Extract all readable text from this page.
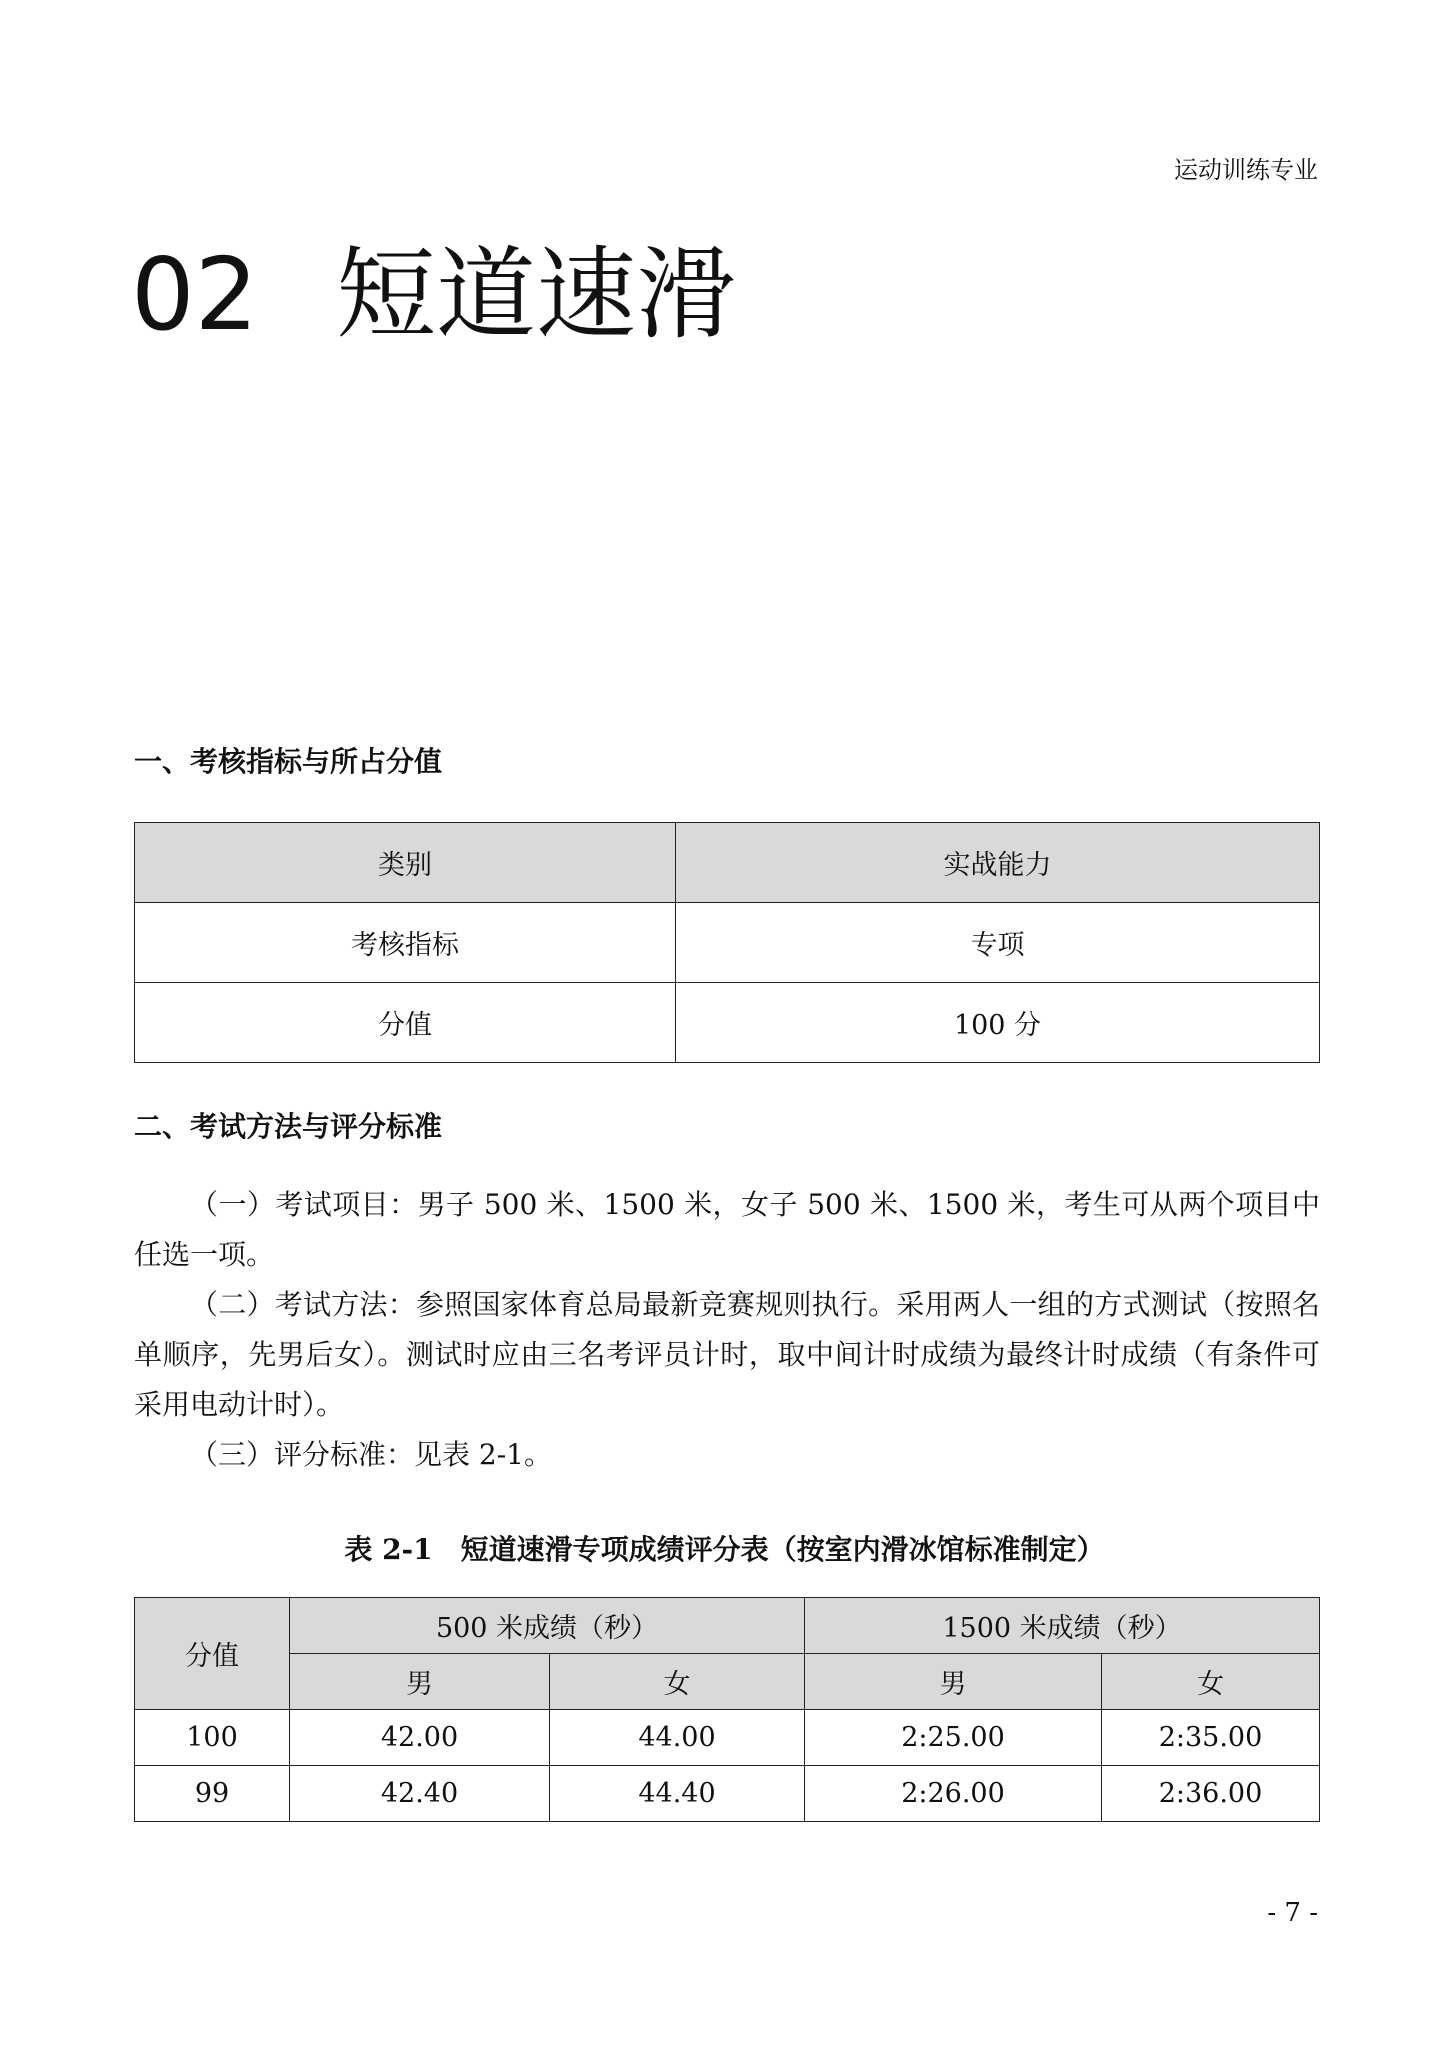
运动训练专业
02 短道速滑
一、考核指标与所占分值
类别	实战能力
考核指标	专项
分值	100 分
二、考试方法与评分标准

（一）考试项目：男子 500 米、1500 米，女子 500 米、1500 米，考生可从两个项目中任选一项。

（二）考试方法：参照国家体育总局最新竞赛规则执行。采用两人一组的方式测试（按照名单顺序，先男后女）。测试时应由三名考评员计时，取中间计时成绩为最终计时成绩（有条件可采用电动计时）。

（三）评分标准：见表 2-1。

表 2-1　短道速滑专项成绩评分表（按室内滑冰馆标准制定）
分值	500 米成绩（秒）		1500 米成绩（秒）	
	男	女	男	女
100	42.00	44.00	2:25.00	2:35.00
99	42.40	44.40	2:26.00	2:36.00
- 7 -
